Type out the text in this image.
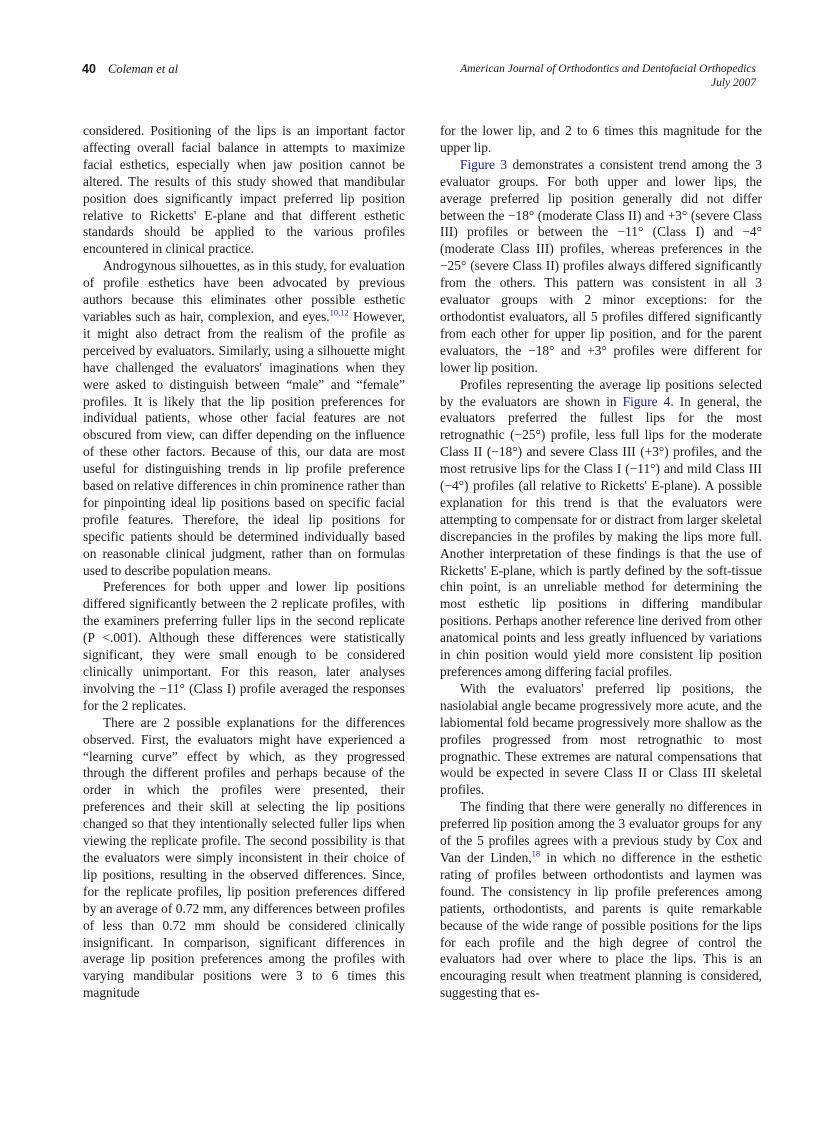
40 Coleman et al	American Journal of Orthodontics and Dentofacial Orthopedics
July 2007

considered. Positioning of the lips is an important factor affecting overall facial balance in attempts to maximize facial esthetics, especially when jaw position cannot be altered. The results of this study showed that mandibular position does significantly impact preferred lip position relative to Ricketts' E-plane and that different esthetic standards should be applied to the various profiles encountered in clinical practice.

Androgynous silhouettes, as in this study, for evaluation of profile esthetics have been advocated by previous authors because this eliminates other possible esthetic variables such as hair, complexion, and eyes.$^{10,12}$ However, it might also detract from the realism of the profile as perceived by evaluators. Similarly, using a silhouette might have challenged the evaluators' imaginations when they were asked to distinguish between “male” and “female” profiles. It is likely that the lip position preferences for individual patients, whose other facial features are not obscured from view, can differ depending on the influence of these other factors. Because of this, our data are most useful for distinguishing trends in lip profile preference based on relative differences in chin prominence rather than for pinpointing ideal lip positions based on specific facial profile features. Therefore, the ideal lip positions for specific patients should be determined individually based on reasonable clinical judgment, rather than on formulas used to describe population means.

Preferences for both upper and lower lip positions differed significantly between the 2 replicate profiles, with the examiners preferring fuller lips in the second replicate (P <.001). Although these differences were statistically significant, they were small enough to be considered clinically unimportant. For this reason, later analyses involving the −11° (Class I) profile averaged the responses for the 2 replicates.

There are 2 possible explanations for the differences observed. First, the evaluators might have experienced a “learning curve” effect by which, as they progressed through the different profiles and perhaps because of the order in which the profiles were presented, their preferences and their skill at selecting the lip positions changed so that they intentionally selected fuller lips when viewing the replicate profile. The second possibility is that the evaluators were simply inconsistent in their choice of lip positions, resulting in the observed differences. Since, for the replicate profiles, lip position preferences differed by an average of 0.72 mm, any differences between profiles of less than 0.72 mm should be considered clinically insignificant. In comparison, significant differences in average lip position preferences among the profiles with varying mandibular positions were 3 to 6 times this magnitude

for the lower lip, and 2 to 6 times this magnitude for the upper lip.

Figure 3 demonstrates a consistent trend among the 3 evaluator groups. For both upper and lower lips, the average preferred lip position generally did not differ between the −18° (moderate Class II) and +3° (severe Class III) profiles or between the −11° (Class I) and −4° (moderate Class III) profiles, whereas preferences in the −25° (severe Class II) profiles always differed significantly from the others. This pattern was consistent in all 3 evaluator groups with 2 minor exceptions: for the orthodontist evaluators, all 5 profiles differed significantly from each other for upper lip position, and for the parent evaluators, the −18° and +3° profiles were different for lower lip position.

Profiles representing the average lip positions selected by the evaluators are shown in Figure 4. In general, the evaluators preferred the fullest lips for the most retrognathic (−25°) profile, less full lips for the moderate Class II (−18°) and severe Class III (+3°) profiles, and the most retrusive lips for the Class I (−11°) and mild Class III (−4°) profiles (all relative to Ricketts' E-plane). A possible explanation for this trend is that the evaluators were attempting to compensate for or distract from larger skeletal discrepancies in the profiles by making the lips more full. Another interpretation of these findings is that the use of Ricketts' E-plane, which is partly defined by the soft-tissue chin point, is an unreliable method for determining the most esthetic lip positions in differing mandibular positions. Perhaps another reference line derived from other anatomical points and less greatly influenced by variations in chin position would yield more consistent lip position preferences among differing facial profiles.

With the evaluators' preferred lip positions, the nasiolabial angle became progressively more acute, and the labiomental fold became progressively more shallow as the profiles progressed from most retrognathic to most prognathic. These extremes are natural compensations that would be expected in severe Class II or Class III skeletal profiles.

The finding that there were generally no differences in preferred lip position among the 3 evaluator groups for any of the 5 profiles agrees with a previous study by Cox and Van der Linden,$^{18}$ in which no difference in the esthetic rating of profiles between orthodontists and laymen was found. The consistency in lip profile preferences among patients, orthodontists, and parents is quite remarkable because of the wide range of possible positions for the lips for each profile and the high degree of control the evaluators had over where to place the lips. This is an encouraging result when treatment planning is considered, suggesting that es-
